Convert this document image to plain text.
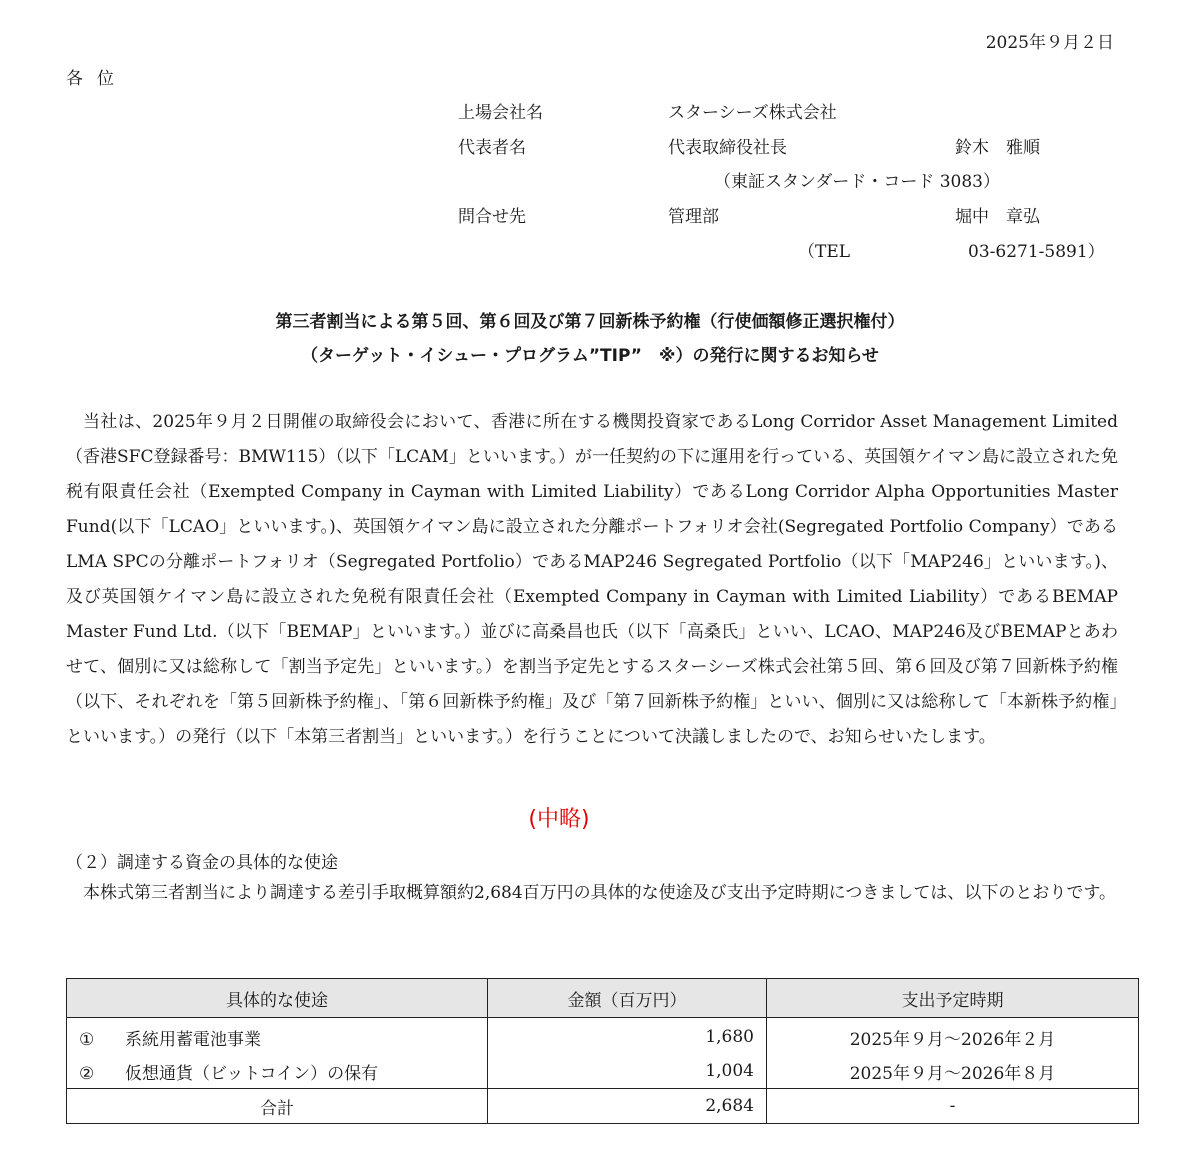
2025年９月２日
各位
上場会社名	スターシーズ株式会社
代表者名	代表取締役社長	鈴木　雅順
（東証スタンダード・コード 3083）
問合せ先	管理部	堀中　章弘
（TEL	03-6271-5891）
第三者割当による第５回、第６回及び第７回新株予約権（行使価額修正選択権付）
（ターゲット・イシュー・プログラム”TIP”　※）の発行に関するお知らせ
当社は、2025年９月２日開催の取締役会において、香港に所在する機関投資家であるLong Corridor Asset Management Limited（香港SFC登録番号：BMW115）（以下「LCAM」といいます。）が一任契約の下に運用を行っている、英国領ケイマン島に設立された免税有限責任会社（Exempted Company in Cayman with Limited Liability）であるLong Corridor Alpha Opportunities Master Fund(以下「LCAO」といいます。)、英国領ケイマン島に設立された分離ポートフォリオ会社(Segregated Portfolio Company）であるLMA SPCの分離ポートフォリオ（Segregated Portfolio）であるMAP246 Segregated Portfolio（以下「MAP246」といいます。)、及び英国領ケイマン島に設立された免税有限責任会社（Exempted Company in Cayman with Limited Liability）であるBEMAP Master Fund Ltd.（以下「BEMAP」といいます。）並びに高桑昌也氏（以下「高桑氏」といい、LCAO、MAP246及びBEMAPとあわせて、個別に又は総称して「割当予定先」といいます。）を割当予定先とするスターシーズ株式会社第５回、第６回及び第７回新株予約権（以下、それぞれを「第５回新株予約権」、「第６回新株予約権」及び「第７回新株予約権」といい、個別に又は総称して「本新株予約権」といいます。）の発行（以下「本第三者割当」といいます。）を行うことについて決議しましたので、お知らせいたします。
(中略)
（２）調達する資金の具体的な使途
本株式第三者割当により調達する差引手取概算額約2,684百万円の具体的な使途及び支出予定時期につきましては、以下のとおりです。
具体的な使途	金額（百万円）	支出予定時期
① 系統用蓄電池事業	1,680	2025年９月～2026年２月
② 仮想通貨（ビットコイン）の保有	1,004	2025年９月～2026年８月
合計	2,684	-
